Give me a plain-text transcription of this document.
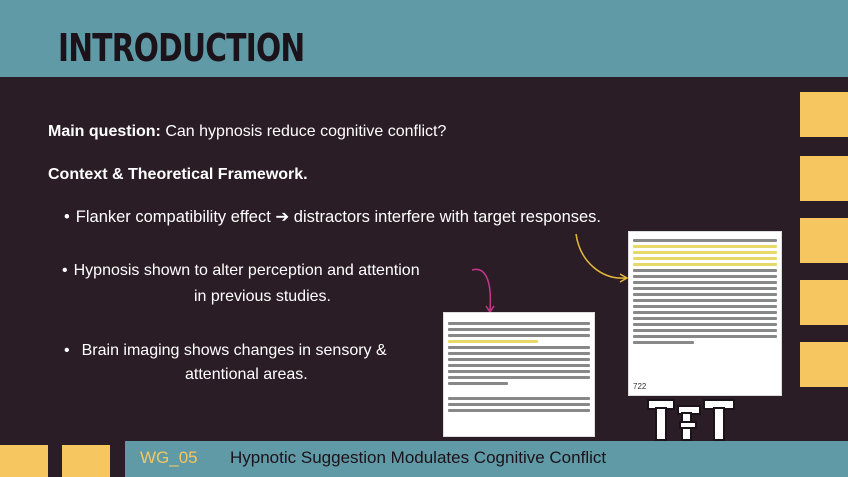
INTRODUCTION
Main question: Can hypnosis reduce cognitive conflict?
Context & Theoretical Framework.
• Flanker compatibility effect ➔ distractors interfere with target responses.
• Hypnosis shown to alter perception and attention
in previous studies.
• Brain imaging shows changes in sensory &
attentional areas.
722
WG_05 Hypnotic Suggestion Modulates Cognitive Conflict
